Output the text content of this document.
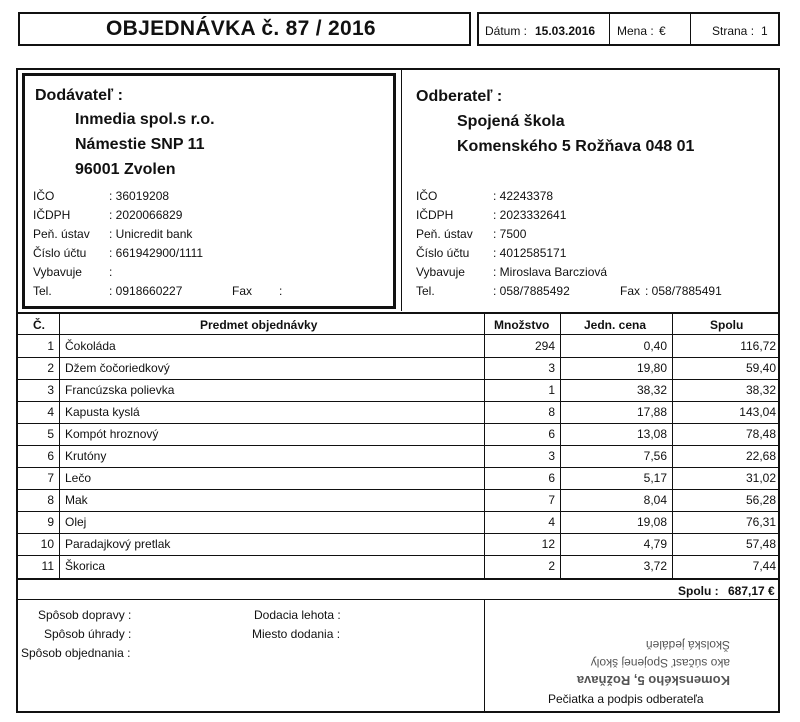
OBJEDNÁVKA č. 87 / 2016	Dátum : 15.03.2016 Mena : €	Strana : 1
Dodávateľ :
Inmedia spol.s r.o.
Námestie SNP 11
96001 Zvolen
IČO	: 36019208
IČDPH	: 2020066829
Peň. ústav : Unicredit bank
Číslo účtu : 661942900/1111
Vybavuje :
Tel.	: 0918660227	Fax :
Odberateľ :
Spojená škola
Komenského 5 Rožňava 048 01
IČO	: 42243378
IČDPH	: 2023332641
Peň. ústav : 7500
Číslo účtu : 4012585171
Vybavuje : Miroslava Barcziová
Tel.	: 058/7885492	Fax : 058/7885491
Č.	Predmet objednávky	Množstvo	Jedn. cena	Spolu
1 Čokoláda	294	0,40	116,72
2 Džem čočoriedkový	3	19,80	59,40
3 Francúzska polievka	1	38,32	38,32
4 Kapusta kyslá	8	17,88	143,04
5 Kompót hroznový	6	13,08	78,48
6 Krutóny	3	7,56	22,68
7 Lečo	6	5,17	31,02
8 Mak	7	8,04	56,28
9 Olej	4	19,08	76,31
10 Paradajkový pretlak	12	4,79	57,48
11 Škorica	2	3,72	7,44
Spolu : 687,17 €
Spôsob dopravy :
Spôsob úhrady :
Spôsob objednania :
Dodacia lehota :
Miesto dodania :
Komenského 5, Rožňava
ako súčasť Spojenej školy
Školská jedáleň
Pečiatka a podpis odberateľa
